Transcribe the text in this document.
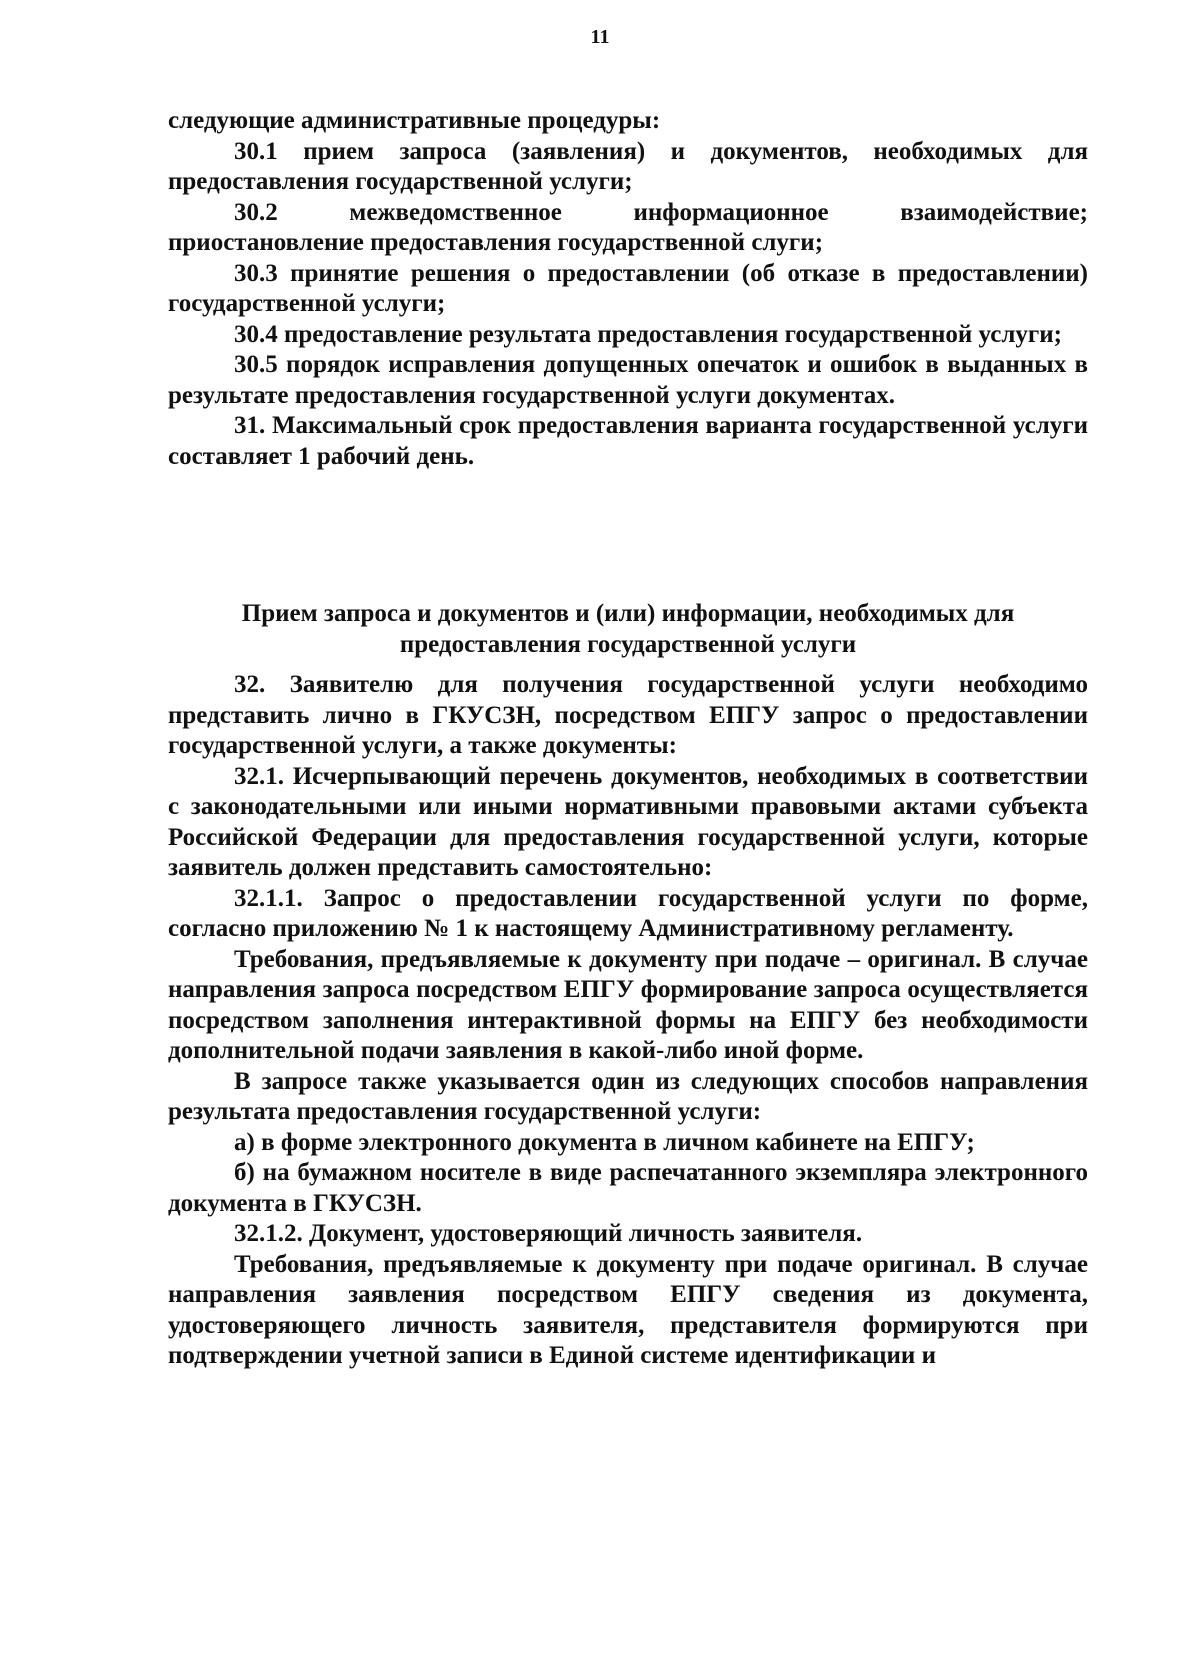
11

следующие административные процедуры:

30.1 прием запроса (заявления) и документов, необходимых для предоставления государственной услуги;

30.2 межведомственное информационное взаимодействие; приостановление предоставления государственной слуги;

30.3 принятие решения о предоставлении (об отказе в предоставлении) государственной услуги;

30.4 предоставление результата предоставления государственной услуги;

30.5 порядок исправления допущенных опечаток и ошибок в выданных в результате предоставления государственной услуги документах.

31. Максимальный срок предоставления варианта государственной услуги составляет 1 рабочий день.

Прием запроса и документов и (или) информации, необходимых для

предоставления государственной услуги

32. Заявителю для получения государственной услуги необходимо представить лично в ГКУСЗН, посредством ЕПГУ запрос о предоставлении государственной услуги, а также документы:

32.1. Исчерпывающий перечень документов, необходимых в соответствии с законодательными или иными нормативными правовыми актами субъекта Российской Федерации для предоставления государственной услуги, которые заявитель должен представить самостоятельно:

32.1.1. Запрос о предоставлении государственной услуги по форме, согласно приложению № 1 к настоящему Административному регламенту.

Требования, предъявляемые к документу при подаче – оригинал. В случае направления запроса посредством ЕПГУ формирование запроса осуществляется посредством заполнения интерактивной формы на ЕПГУ без необходимости дополнительной подачи заявления в какой-либо иной форме.

В запросе также указывается один из следующих способов направления результата предоставления государственной услуги:

а) в форме электронного документа в личном кабинете на ЕПГУ;

б) на бумажном носителе в виде распечатанного экземпляра электронного документа в ГКУСЗН.

32.1.2. Документ, удостоверяющий личность заявителя.

Требования, предъявляемые к документу при подаче оригинал. В случае направления заявления посредством ЕПГУ сведения из документа, удостоверяющего личность заявителя, представителя формируются при подтверждении учетной записи в Единой системе идентификации и
